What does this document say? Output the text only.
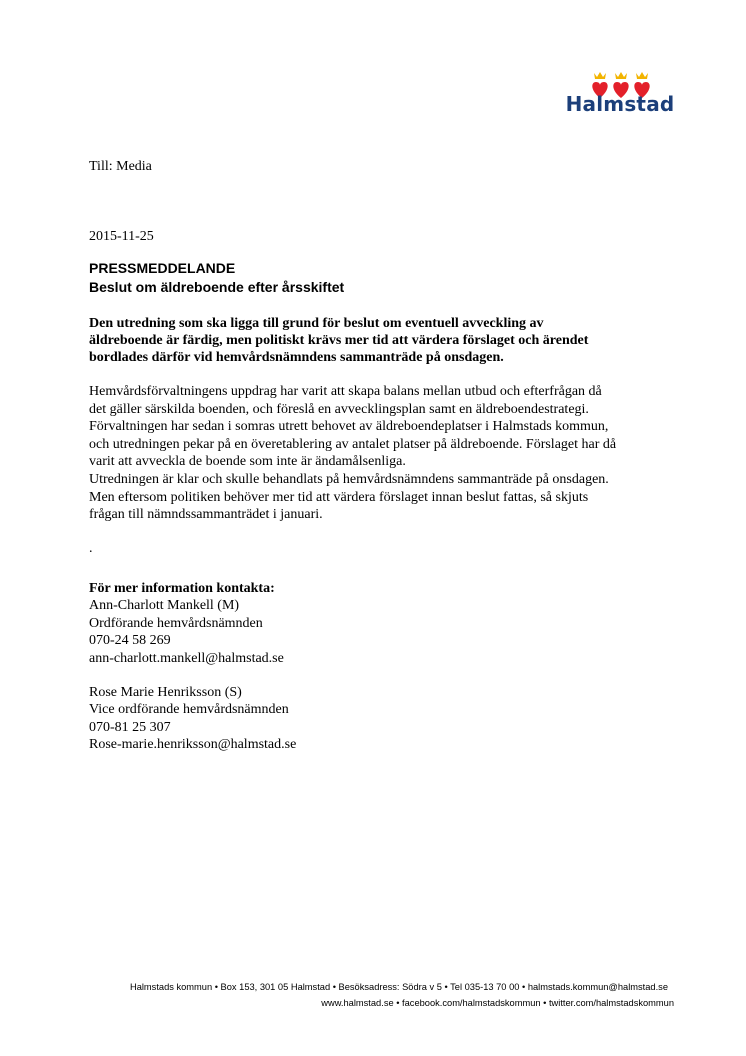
Halmstad
Till: Media
2015-11-25
PRESSMEDDELANDE
Beslut om äldreboende efter årsskiftet
Den utredning som ska ligga till grund för beslut om eventuell avveckling av
äldreboende är färdig, men politiskt krävs mer tid att värdera förslaget och ärendet
bordlades därför vid hemvårdsnämndens sammanträde på onsdagen.
Hemvårdsförvaltningens uppdrag har varit att skapa balans mellan utbud och efterfrågan då
det gäller särskilda boenden, och föreslå en avvecklingsplan samt en äldreboendestrategi.
Förvaltningen har sedan i somras utrett behovet av äldreboendeplatser i Halmstads kommun,
och utredningen pekar på en överetablering av antalet platser på äldreboende. Förslaget har då
varit att avveckla de boende som inte är ändamålsenliga.
Utredningen är klar och skulle behandlats på hemvårdsnämndens sammanträde på onsdagen.
Men eftersom politiken behöver mer tid att värdera förslaget innan beslut fattas, så skjuts
frågan till nämndssammanträdet i januari.
.
För mer information kontakta:
Ann-Charlott Mankell (M)
Ordförande hemvårdsnämnden
070-24 58 269
ann-charlott.mankell@halmstad.se
Rose Marie Henriksson (S)
Vice ordförande hemvårdsnämnden
070-81 25 307
Rose-marie.henriksson@halmstad.se
Halmstads kommun • Box 153, 301 05 Halmstad • Besöksadress: Södra v 5 • Tel 035-13 70 00 • halmstads.kommun@halmstad.se
www.halmstad.se • facebook.com/halmstadskommun • twitter.com/halmstadskommun
